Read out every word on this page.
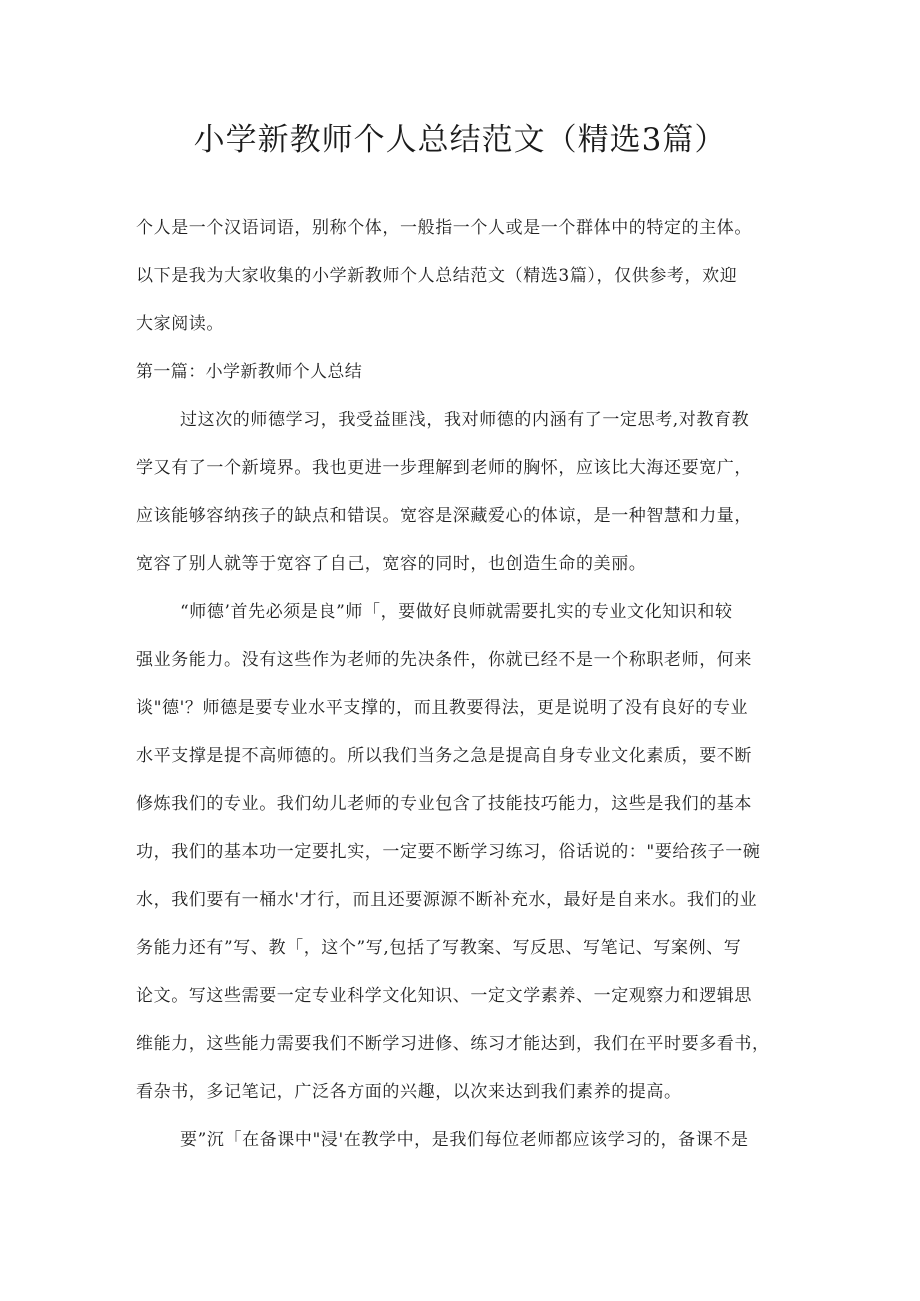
小学新教师个人总结范文（精选3篇）
个人是一个汉语词语，别称个体，一般指一个人或是一个群体中的特定的主体。
以下是我为大家收集的小学新教师个人总结范文（精选3篇），仅供参考，欢迎
大家阅读。
第一篇：小学新教师个人总结
过这次的师德学习，我受益匪浅，我对师德的内涵有了一定思考,对教育教
学又有了一个新境界。我也更进一步理解到老师的胸怀，应该比大海还要宽广，
应该能够容纳孩子的缺点和错误。宽容是深藏爱心的体谅，是一种智慧和力量，
宽容了别人就等于宽容了自己，宽容的同时，也创造生命的美丽。
“师德’首先必须是良”师「，要做好良师就需要扎实的专业文化知识和较
强业务能力。没有这些作为老师的先决条件，你就已经不是一个称职老师，何来
谈"德'？师德是要专业水平支撑的，而且教要得法，更是说明了没有良好的专业
水平支撑是提不高师德的。所以我们当务之急是提高自身专业文化素质，要不断
修炼我们的专业。我们幼儿老师的专业包含了技能技巧能力，这些是我们的基本
功，我们的基本功一定要扎实，一定要不断学习练习，俗话说的："要给孩子一碗
水，我们要有一桶水'才行，而且还要源源不断补充水，最好是自来水。我们的业
务能力还有”写、教「，这个”写,包括了写教案、写反思、写笔记、写案例、写
论文。写这些需要一定专业科学文化知识、一定文学素养、一定观察力和逻辑思
维能力，这些能力需要我们不断学习进修、练习才能达到，我们在平时要多看书，
看杂书，多记笔记，广泛各方面的兴趣，以次来达到我们素养的提高。
要”沉「在备课中"浸'在教学中，是我们每位老师都应该学习的，备课不是
